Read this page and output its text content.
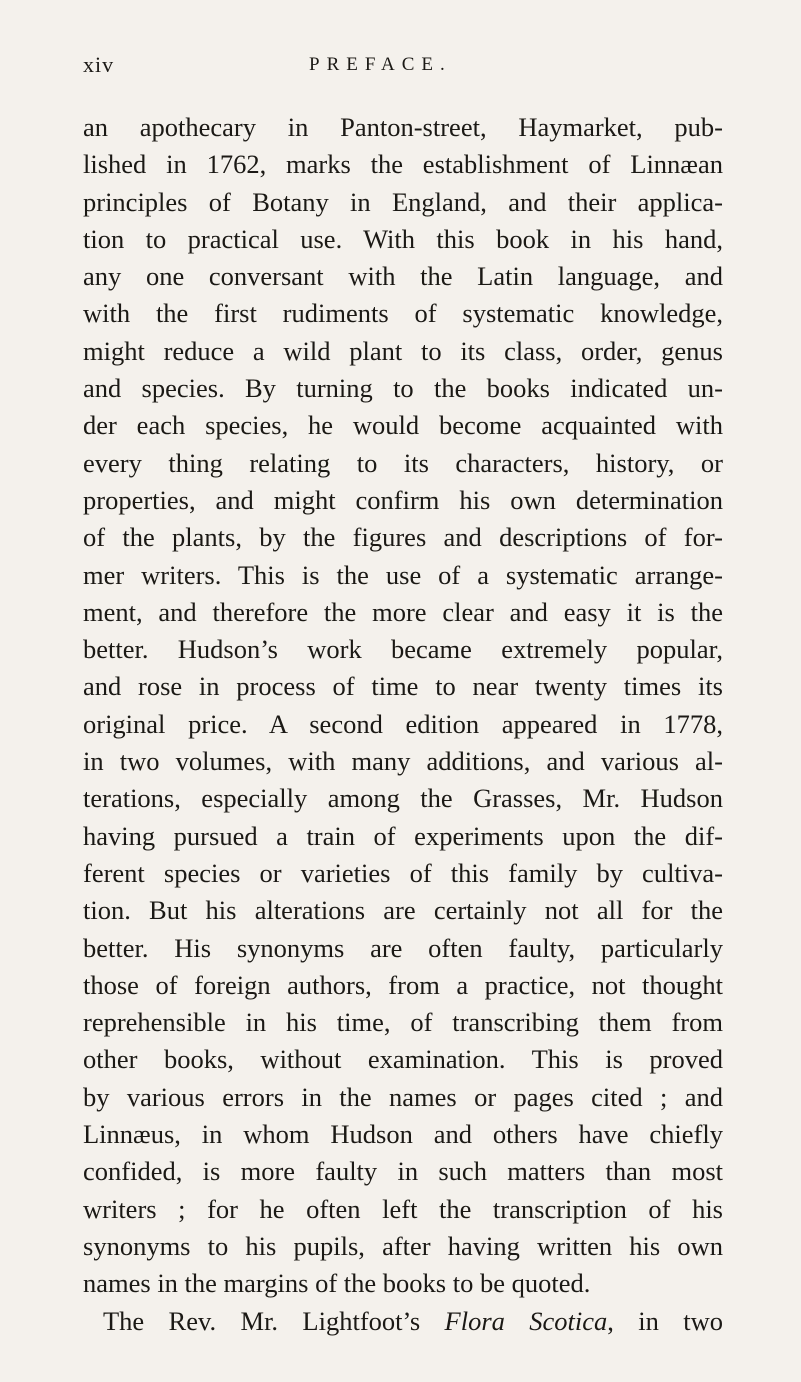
xiv	PREFACE.
an apothecary in Panton-street, Haymarket, pub-
lished in 1762, marks the establishment of Linnæan
principles of Botany in England, and their applica-
tion to practical use. With this book in his hand,
any one conversant with the Latin language, and
with the first rudiments of systematic knowledge,
might reduce a wild plant to its class, order, genus
and species. By turning to the books indicated un-
der each species, he would become acquainted with
every thing relating to its characters, history, or
properties, and might confirm his own determination
of the plants, by the figures and descriptions of for-
mer writers. This is the use of a systematic arrange-
ment, and therefore the more clear and easy it is the
better. Hudson’s work became extremely popular,
and rose in process of time to near twenty times its
original price. A second edition appeared in 1778,
in two volumes, with many additions, and various al-
terations, especially among the Grasses, Mr. Hudson
having pursued a train of experiments upon the dif-
ferent species or varieties of this family by cultiva-
tion. But his alterations are certainly not all for the
better. His synonyms are often faulty, particularly
those of foreign authors, from a practice, not thought
reprehensible in his time, of transcribing them from
other books, without examination. This is proved
by various errors in the names or pages cited ; and
Linnæus, in whom Hudson and others have chiefly
confided, is more faulty in such matters than most
writers ; for he often left the transcription of his
synonyms to his pupils, after having written his own
names in the margins of the books to be quoted.
The Rev. Mr. Lightfoot’s Flora Scotica, in two
